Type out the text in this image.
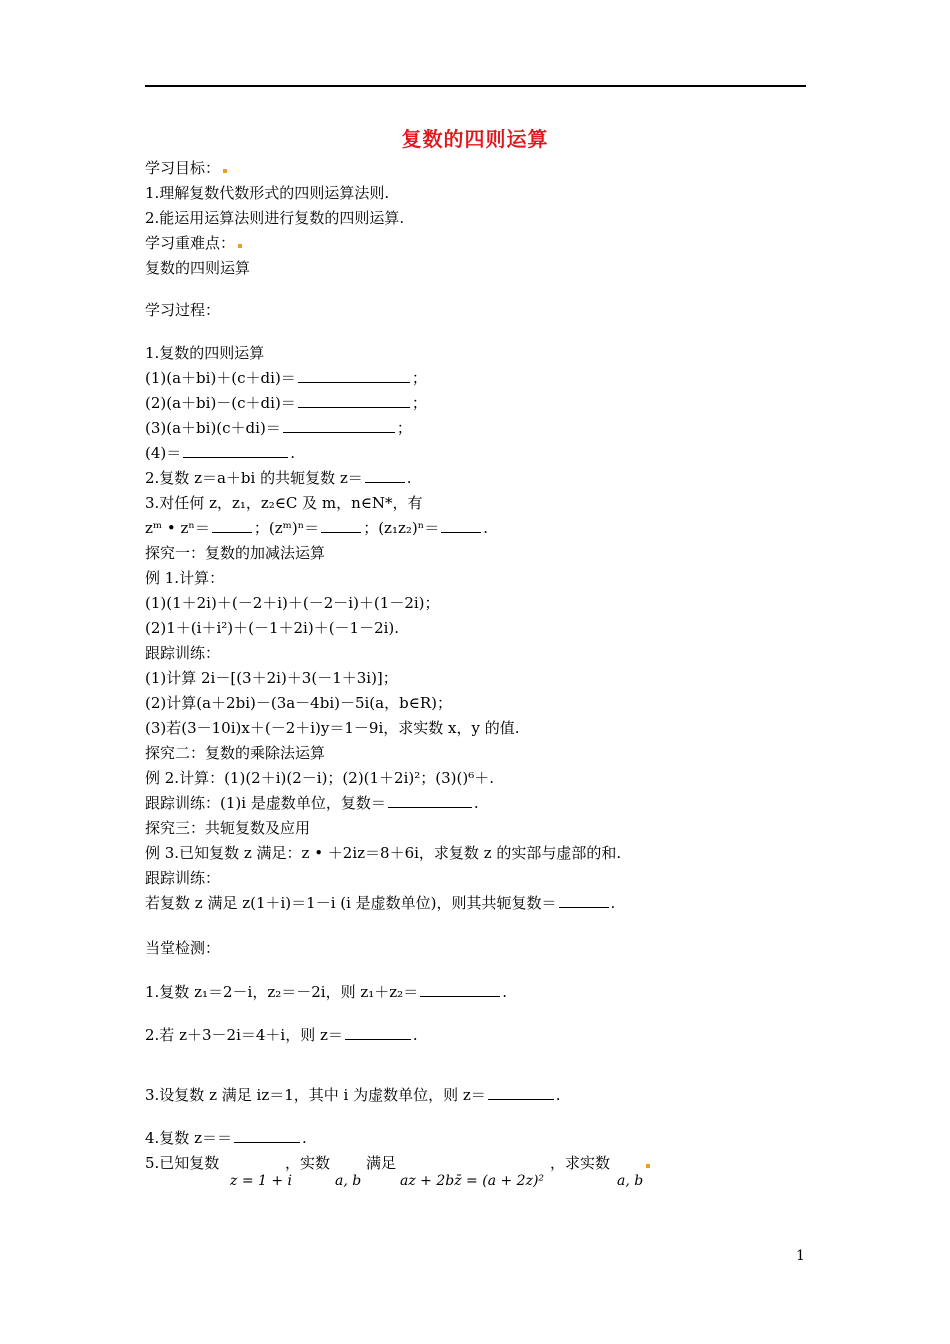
复数的四则运算
学习目标：
1.理解复数代数形式的四则运算法则.
2.能运用运算法则进行复数的四则运算.
学习重难点：
复数的四则运算
学习过程：
1.复数的四则运算
(1)(a＋bi)＋(c＋di)＝	；
(2)(a＋bi)－(c＋di)＝	；
(3)(a＋bi)(c＋di)＝	；
(4)＝	.
2.复数 z＝a＋bi 的共轭复数 z＝	.
3.对任何 z，z₁，z₂∈C 及 m，n∈N*，有
zᵐ • zⁿ＝	；(zᵐ)ⁿ＝	；(z₁z₂)ⁿ＝	.
探究一：复数的加减法运算
例 1.计算：
(1)(1＋2i)＋(－2＋i)＋(－2－i)＋(1－2i)；
(2)1＋(i＋i²)＋(－1＋2i)＋(－1－2i).
跟踪训练：
(1)计算 2i－[(3＋2i)＋3(－1＋3i)]；
(2)计算(a＋2bi)－(3a－4bi)－5i(a，b∈R)；
(3)若(3－10i)x＋(－2＋i)y＝1－9i，求实数 x，y 的值.
探究二：复数的乘除法运算
例 2.计算：(1)(2＋i)(2－i)；(2)(1＋2i)²；(3)()⁶＋.
跟踪训练：(1)i 是虚数单位，复数＝	.
探究三：共轭复数及应用
例 3.已知复数 z 满足：z • ＋2iz＝8＋6i，求复数 z 的实部与虚部的和.
跟踪训练：
若复数 z 满足 z(1＋i)＝1－i (i 是虚数单位)，则其共轭复数＝	.
当堂检测：
1.复数 z₁＝2－i，z₂＝－2i，则 z₁＋z₂＝	.
2.若 z＋3－2i＝4＋i，则 z＝	.
3.设复数 z 满足 iz＝1，其中 i 为虚数单位，则 z＝	.
4.复数 z＝＝	.
5.已知复数	，实数 满足	，求实数
z = 1 + i	a, b	az + 2bz̄ = (a + 2z)²	a, b
1
